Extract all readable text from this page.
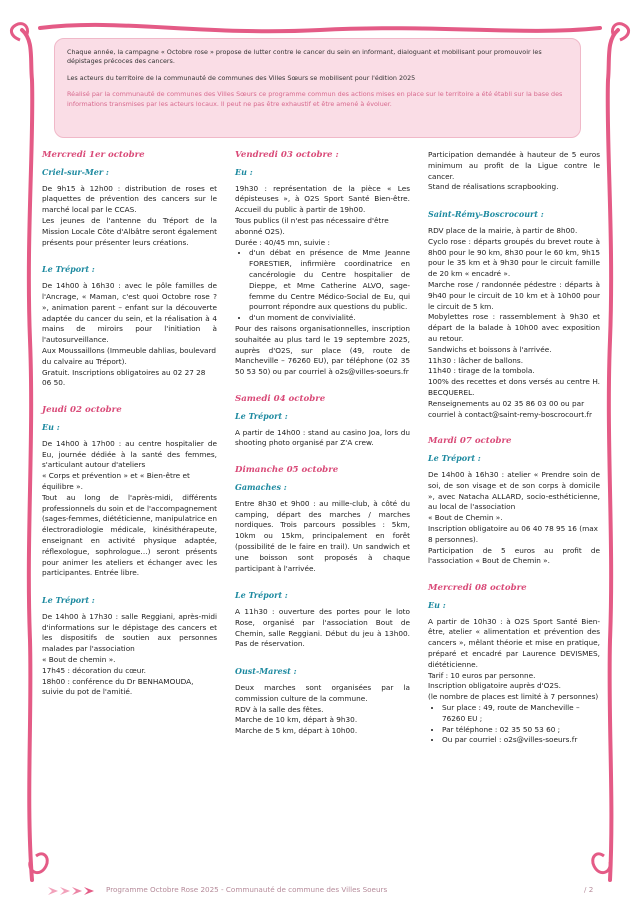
Chaque année, la campagne « Octobre rose » propose de lutter contre le cancer du sein en informant, dialoguant et mobilisant pour promouvoir les dépistages précoces des cancers.

Les acteurs du territoire de la communauté de communes des Villes Sœurs se mobilisent pour l'édition 2025

Réalisé par la communauté de communes des Villes Sœurs ce programme commun des actions mises en place sur le territoire a été établi sur la base des informations transmises par les acteurs locaux. Il peut ne pas être exhaustif et être amené à évoluer.

Mercredi 1er octobre
Criel-sur-Mer :

De 9h15 à 12h00 : distribution de roses et plaquettes de prévention des cancers sur le marché local par le CCAS.

Les jeunes de l'antenne du Tréport de la Mission Locale Côte d'Albâtre seront également présents pour présenter leurs créations.

Le Tréport :

De 14h00 à 16h30 : avec le pôle familles de l'Ancrage, « Maman, c'est quoi Octobre rose ? », animation parent – enfant sur la découverte adaptée du cancer du sein, et la réalisation à 4 mains de miroirs pour l'initiation à l'autosurveillance.

Aux Moussaillons (Immeuble dahlias, boulevard du calvaire au Tréport).

Gratuit. Inscriptions obligatoires au 02 27 28 06 50.

Jeudi 02 octobre
Eu :

De 14h00 à 17h00 : au centre hospitalier de Eu, journée dédiée à la santé des femmes, s'articulant autour d'ateliers

« Corps et prévention » et « Bien-être et équilibre ».

Tout au long de l'après-midi, différents professionnels du soin et de l'accompagnement (sages-femmes, diététicienne, manipulatrice en électroradiologie médicale, kinésithérapeute, enseignant en activité physique adaptée, réflexologue, sophrologue…) seront présents pour animer les ateliers et échanger avec les participantes. Entrée libre.

Le Tréport :

De 14h00 à 17h30 : salle Reggiani, après-midi d'informations sur le dépistage des cancers et les dispositifs de soutien aux personnes malades par l'association

« Bout de chemin ».

17h45 : décoration du cœur.

18h00 : conférence du Dr BENHAMOUDA, suivie du pot de l'amitié.

Vendredi 03 octobre :
Eu :

19h30 : représentation de la pièce « Les dépisteuses », à O2S Sport Santé Bien-être. Accueil du public à partir de 19h00.

Tous publics (il n'est pas nécessaire d'être abonné O2S).

Durée : 40/45 mn, suivie :

• d'un débat en présence de Mme Jeanne FORESTIER, infirmière coordinatrice en cancérologie du Centre hospitalier de Dieppe, et Mme Catherine ALVO, sage-femme du Centre Médico-Social de Eu, qui pourront répondre aux questions du public.
• d'un moment de convivialité.

Pour des raisons organisationnelles, inscription souhaitée au plus tard le 19 septembre 2025, auprès d'O2S, sur place (49, route de Mancheville – 76260 EU), par téléphone (02 35 50 53 50) ou par courriel à o2s@villes-soeurs.fr

Samedi 04 octobre
Le Tréport :

A partir de 14h00 : stand au casino Joa, lors du shooting photo organisé par Z'A crew.

Dimanche 05 octobre
Gamaches :

Entre 8h30 et 9h00 : au mille-club, à côté du camping, départ des marches / marches nordiques. Trois parcours possibles : 5km, 10km ou 15km, principalement en forêt (possibilité de le faire en trail). Un sandwich et une boisson sont proposés à chaque participant à l'arrivée.

Le Tréport :

A 11h30 : ouverture des portes pour le loto Rose, organisé par l'association Bout de Chemin, salle Reggiani. Début du jeu à 13h00. Pas de réservation.

Oust-Marest :

Deux marches sont organisées par la commission culture de la commune.

RDV à la salle des fêtes.

Marche de 10 km, départ à 9h30.

Marche de 5 km, départ à 10h00.

Participation demandée à hauteur de 5 euros minimum au profit de la Ligue contre le cancer.

Stand de réalisations scrapbooking.

Saint-Rémy-Boscrocourt :

RDV place de la mairie, à partir de 8h00.

Cyclo rose : départs groupés du brevet route à 8h00 pour le 90 km, 8h30 pour le 60 km, 9h15 pour le 35 km et à 9h30 pour le circuit famille de 20 km « encadré ».

Marche rose / randonnée pédestre : départs à 9h40 pour le circuit de 10 km et à 10h00 pour le circuit de 5 km.

Mobylettes rose : rassemblement à 9h30 et départ de la balade à 10h00 avec exposition au retour.

Sandwichs et boissons à l'arrivée.

11h30 : lâcher de ballons.

11h40 : tirage de la tombola.

100% des recettes et dons versés au centre H. BECQUEREL.

Renseignements au 02 35 86 03 00 ou par courriel à contact@saint-remy-boscrocourt.fr

Mardi 07 octobre
Le Tréport :

De 14h00 à 16h30 : atelier « Prendre soin de soi, de son visage et de son corps à domicile », avec Natacha ALLARD, socio-esthéticienne, au local de l'association

« Bout de Chemin ».

Inscription obligatoire au 06 40 78 95 16 (max 8 personnes).

Participation de 5 euros au profit de l'association « Bout de Chemin ».

Mercredi 08 octobre
Eu :

A partir de 10h30 : à O2S Sport Santé Bien-être, atelier « alimentation et prévention des cancers », mêlant théorie et mise en pratique, préparé et encadré par Laurence DEVISMES, diététicienne.

Tarif : 10 euros par personne.

Inscription obligatoire auprès d'O2S.

(le nombre de places est limité à 7 personnes)

• Sur place : 49, route de Mancheville – 76260 EU ;
• Par téléphone : 02 35 50 53 60 ;
• Ou par courriel : o2s@villes-soeurs.fr
Programme Octobre Rose 2025 - Communauté de commune des Villes Soeurs	/ 2
